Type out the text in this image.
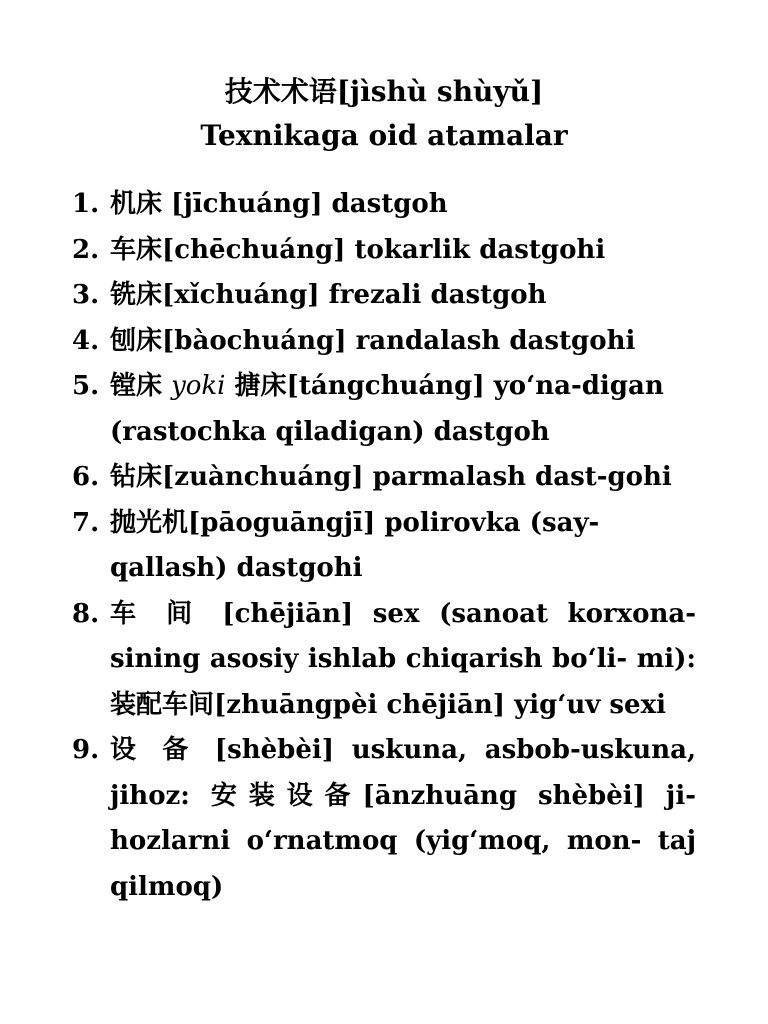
技术术语[jìshù shùyǔ]
Texnikaga oid atamalar
1. 机床 [jīchuáng] dastgoh
2. 车床[chēchuáng] tokarlik dastgohi
3. 铣床[xǐchuáng] frezali dastgoh
4. 刨床[bàochuáng] randalash dastgohi
5. 镗床 yoki 搪床[tángchuáng] yo‘na-digan
(rastochka qiladigan) dastgoh
6. 钻床[zuànchuáng] parmalash dast-gohi
7. 抛光机[pāoguāngjī] polirovka (say-
qallash) dastgohi
8. 车 间 [chējiān] sex (sanoat korxona-
sining asosiy ishlab chiqarish bo‘li- mi):
装配车间[zhuāngpèi chējiān] yig‘uv sexi
9. 设 备 [shèbèi] uskuna, asbob-uskuna,
jihoz: 安装设备[ānzhuāng shèbèi] ji-
hozlarni o‘rnatmoq (yig‘moq, mon- taj
qilmoq)
